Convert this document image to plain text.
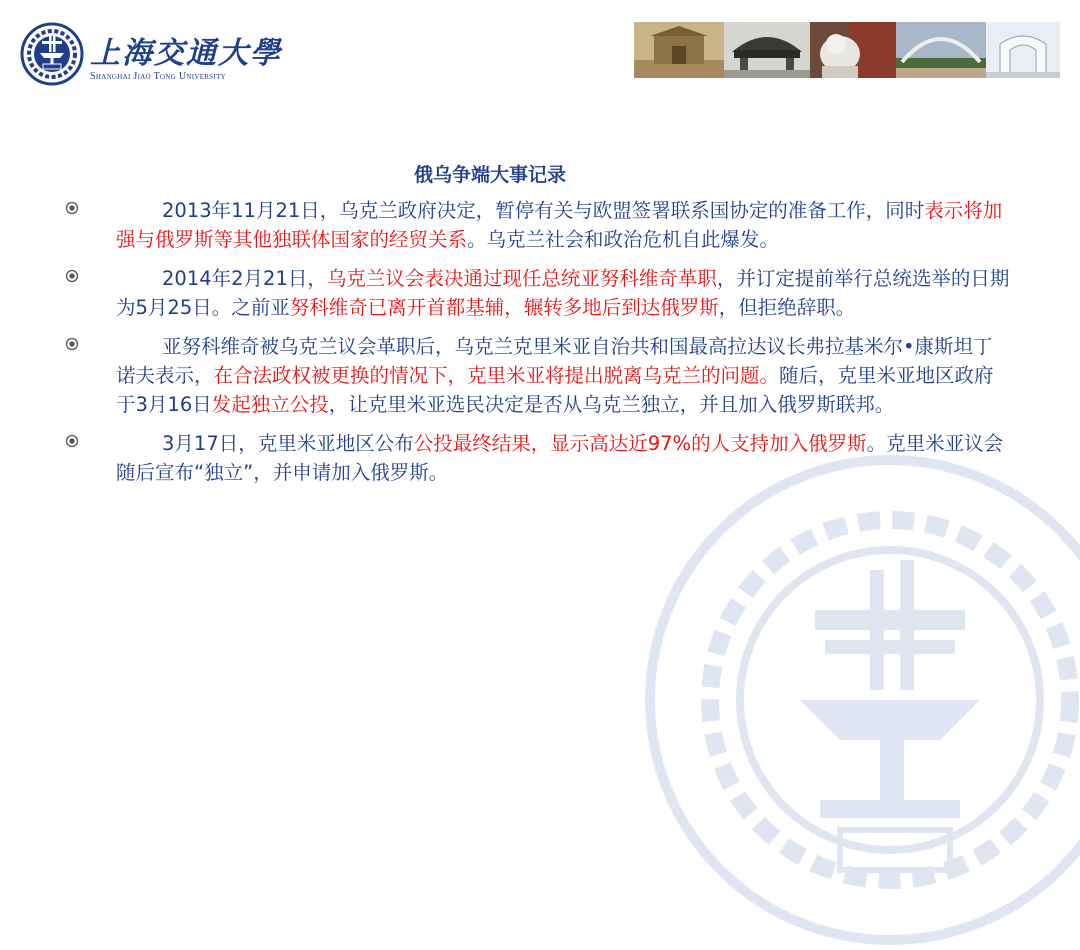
上海交通大學
Shanghai Jiao Tong University
俄乌争端大事记录

2013年11月21日，乌克兰政府决定，暂停有关与欧盟签署联系国协定的准备工作，同时表示将加强与俄罗斯等其他独联体国家的经贸关系。乌克兰社会和政治危机自此爆发。

2014年2月21日，乌克兰议会表决通过现任总统亚努科维奇革职，并订定提前举行总统选举的日期为5月25日。之前亚努科维奇已离开首都基辅，辗转多地后到达俄罗斯，但拒绝辞职。

亚努科维奇被乌克兰议会革职后，乌克兰克里米亚自治共和国最高拉达议长弗拉基米尔•康斯坦丁诺夫表示，在合法政权被更换的情况下，克里米亚将提出脱离乌克兰的问题。随后，克里米亚地区政府于3月16日发起独立公投，让克里米亚选民决定是否从乌克兰独立，并且加入俄罗斯联邦。

3月17日，克里米亚地区公布公投最终结果，显示高达近97%的人支持加入俄罗斯。克里米亚议会随后宣布“独立”，并申请加入俄罗斯。
